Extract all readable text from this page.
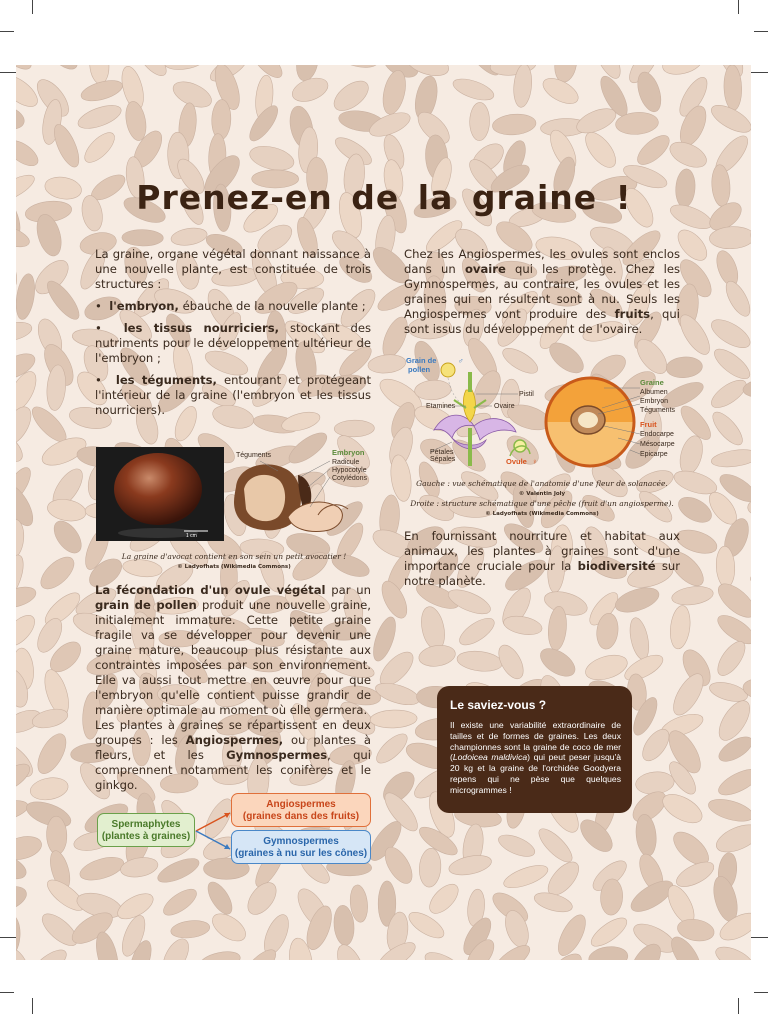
Prenez-en de la graine !

La graine, organe végétal donnant naissance à une nouvelle plante, est constituée de trois structures :

•  l'embryon, ébauche de la nouvelle plante ;

•  les tissus nourriciers, stockant des nutriments pour le développement ultérieur de l'embryon ;

•  les téguments, entourant et protégeant l'intérieur de la graine (l'embryon et les tissus nourriciers).

1 cm
Téguments	Embryon
Radicule
Hypocotyle
Cotylédons
La graine d'avocat contient en son sein un petit avocatier !
© Ladyofhats (Wikimedia Commons)

La fécondation d'un ovule végétal par un grain de pollen produit une nouvelle graine, initialement immature. Cette petite graine fragile va se développer pour devenir une graine mature, beaucoup plus résistante aux contraintes imposées par son environnement. Elle va aussi tout mettre en œuvre pour que l'embryon qu'elle contient puisse grandir de manière optimale au moment où elle germera.

Les plantes à graines se répartissent en deux groupes : les Angiospermes, ou plantes à fleurs, et les Gymnospermes, qui comprennent notamment les conifères et le ginkgo.

Spermaphytes
(plantes à graines)
Angiospermes
(graines dans des fruits)
Gymnospermes
(graines à nu sur les cônes)

Chez les Angiospermes, les ovules sont enclos dans un ovaire qui les protège. Chez les Gymnospermes, au contraire, les ovules et les graines qui en résultent sont à nu. Seuls les Angiospermes vont produire des fruits, qui sont issus du développement de l'ovaire.

♂
♀
Grain de
pollen
Pistil
Etamines	Ovaire
Pétales
Sépales	Ovule
Graine
Albumen
Embryon
Téguments
Fruit
Endocarpe
Mésocarpe
Epicarpe
Gauche : vue schématique de l'anatomie d'une fleur de solanacée.
© Valentin Joly
Droite : structure schématique d'une pêche (fruit d'un angiosperme).
© Ladyofhats (Wikimedia Commons)

En fournissant nourriture et habitat aux animaux, les plantes à graines sont d'une importance cruciale pour la biodiversité sur notre planète.

Le saviez-vous ?

Il existe une variabilité extraordinaire de tailles et de formes de graines. Les deux championnes sont la graine de coco de mer (Lodoicea maldivica) qui peut peser jusqu'à 20 kg et la graine de l'orchidée Goodyera repens qui ne pèse que quelques microgrammes !
